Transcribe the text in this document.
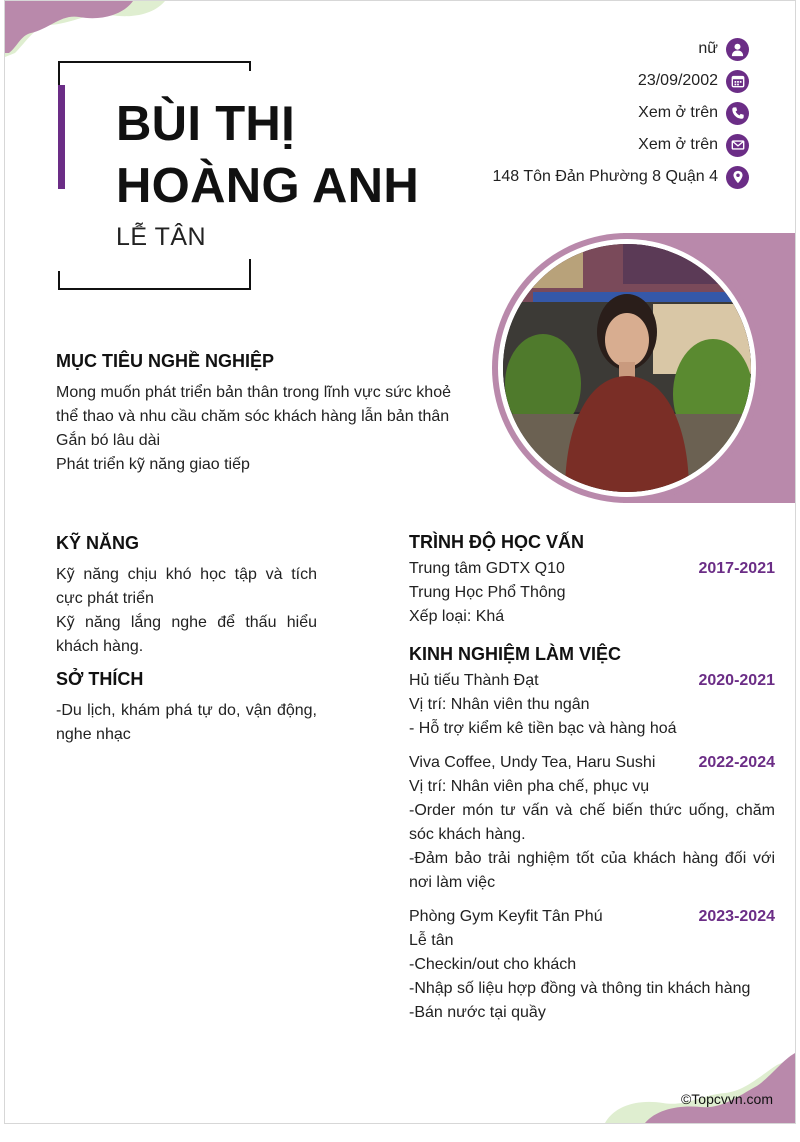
BÙI THỊ HOÀNG ANH
LỄ TÂN
nữ
23/09/2002
Xem ở trên
Xem ở trên
148 Tôn Đản Phường 8 Quận 4
MỤC TIÊU NGHỀ NGHIỆP
Mong muốn phát triển bản thân trong lĩnh vực sức khoẻ
thể thao và nhu cầu chăm sóc khách hàng lẫn bản thân
Gắn bó lâu dài
Phát triển kỹ năng giao tiếp
KỸ NĂNG
Kỹ năng chịu khó học tập và tích cực phát triển
Kỹ năng lắng nghe để thấu hiểu khách hàng.
SỞ THÍCH
-Du lịch, khám phá tự do, vận động, nghe nhạc
TRÌNH ĐỘ HỌC VẤN
Trung tâm GDTX Q10	2017-2021
Trung Học Phổ Thông
Xếp loại: Khá
KINH NGHIỆM LÀM VIỆC
Hủ tiếu Thành Đạt	2020-2021
Vị trí: Nhân viên thu ngân
- Hỗ trợ kiểm kê tiền bạc và hàng hoá
Viva Coffee, Undy Tea, Haru Sushi	2022-2024
Vị trí: Nhân viên pha chế, phục vụ
-Order món tư vấn và chế biến thức uống, chăm sóc khách hàng.
-Đảm bảo trải nghiệm tốt của khách hàng đối với nơi làm việc
Phòng Gym Keyfit Tân Phú	2023-2024
Lễ tân
-Checkin/out cho khách
-Nhập số liệu hợp đồng và thông tin khách hàng
-Bán nước tại quầy
©Topcvvn.com
